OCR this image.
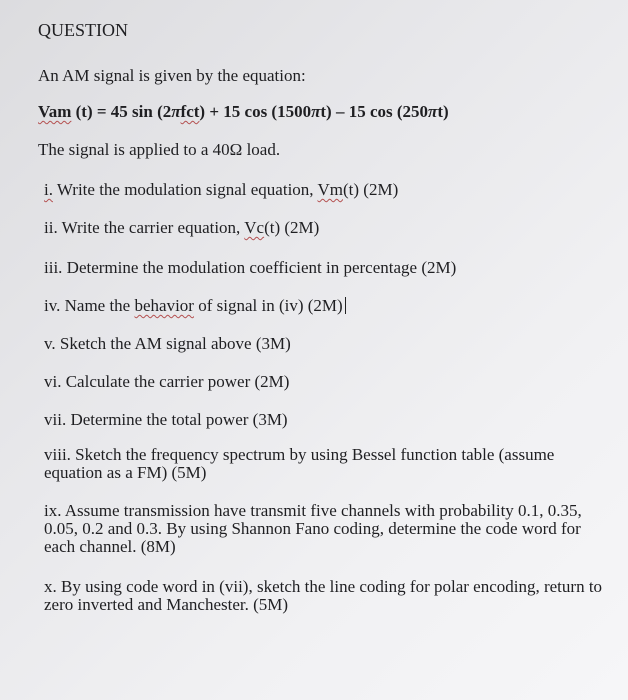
QUESTION
An AM signal is given by the equation:
Vam (t) = 45 sin (2πfct) + 15 cos (1500πt) – 15 cos (250πt)
The signal is applied to a 40Ω load.
i. Write the modulation signal equation, Vm(t) (2M)
ii. Write the carrier equation, Vc(t) (2M)
iii. Determine the modulation coefficient in percentage (2M)
iv. Name the behavior of signal in (iv) (2M)
v. Sketch the AM signal above (3M)
vi. Calculate the carrier power (2M)
vii. Determine the total power (3M)
viii. Sketch the frequency spectrum by using Bessel function table (assume equation as a FM) (5M)
ix. Assume transmission have transmit five channels with probability 0.1, 0.35, 0.05, 0.2 and 0.3. By using Shannon Fano coding, determine the code word for each channel. (8M)
x. By using code word in (vii), sketch the line coding for polar encoding, return to zero inverted and Manchester. (5M)
